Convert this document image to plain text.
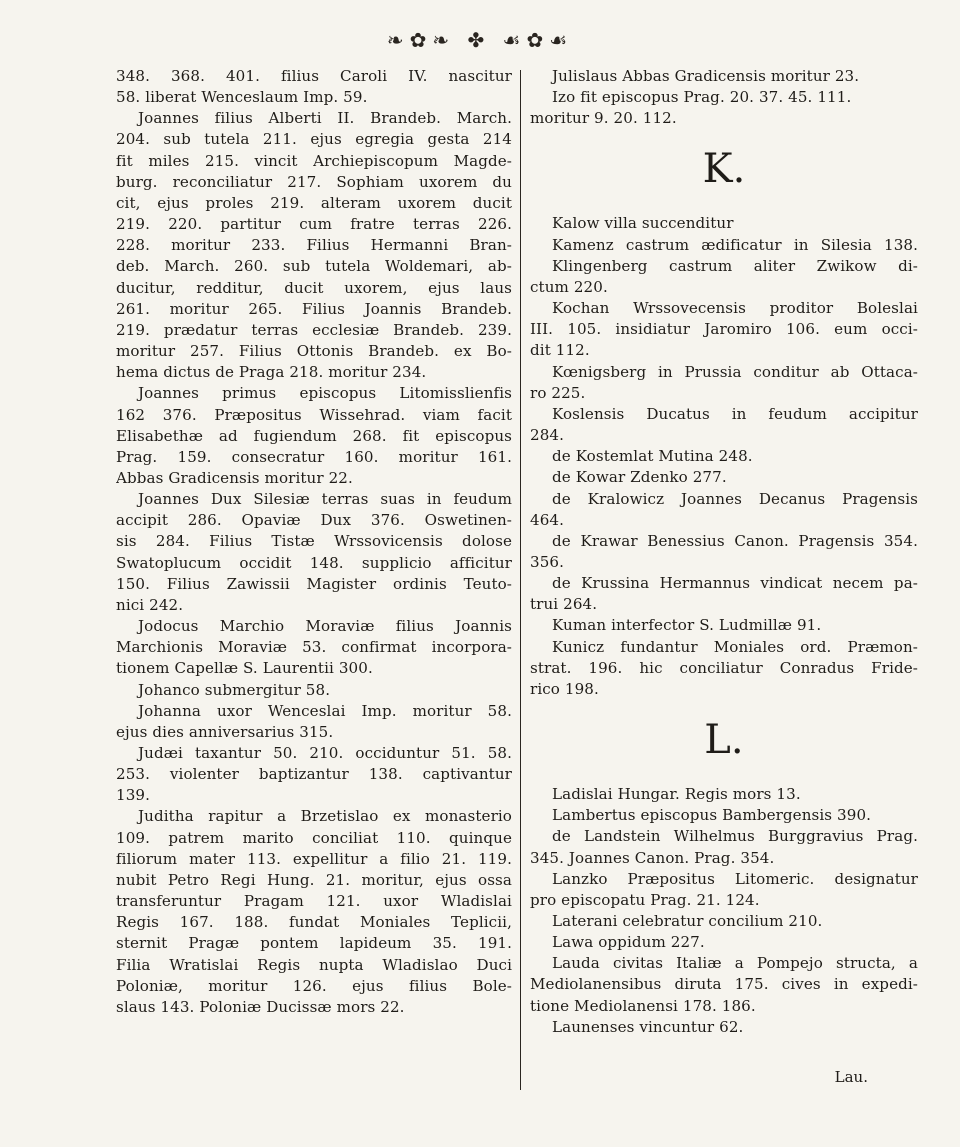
❧✿❧ ✤ ☙✿☙
348. 368. 401. filius Caroli IV. nascitur
58. liberat Wenceslaum Imp. 59.
Joannes filius Alberti II. Brandeb. March.
204. sub tutela 211. ejus egregia gesta 214
fit miles 215. vincit Archiepiscopum Magde-
burg. reconciliatur 217. Sophiam uxorem du
cit, ejus proles 219. alteram uxorem ducit
219. 220. partitur cum fratre terras 226.
228. moritur 233. Filius Hermanni Bran-
deb. March. 260. sub tutela Woldemari, ab-
ducitur, redditur, ducit uxorem, ejus laus
261. moritur 265. Filius Joannis Brandeb.
219. prædatur terras ecclesiæ Brandeb. 239.
moritur 257. Filius Ottonis Brandeb. ex Bo-
hema dictus de Praga 218. moritur 234.
Joannes primus episcopus Litomisslienfis
162 376. Præpositus Wissehrad. viam facit
Elisabethæ ad fugiendum 268. fit episcopus
Prag. 159. consecratur 160. moritur 161.
Abbas Gradicensis moritur 22.
Joannes Dux Silesiæ terras suas in feudum
accipit 286. Opaviæ Dux 376. Oswetinen-
sis 284. Filius Tistæ Wrssovicensis dolose
Swatoplucum occidit 148. supplicio afficitur
150. Filius Zawissii Magister ordinis Teuto-
nici 242.
Jodocus Marchio Moraviæ filius Joannis
Marchionis Moraviæ 53. confirmat incorpora-
tionem Capellæ S. Laurentii 300.
Johanco submergitur 58.
Johanna uxor Wenceslai Imp. moritur 58.
ejus dies anniversarius 315.
Judæi taxantur 50. 210. occiduntur 51. 58.
253. violenter baptizantur 138. captivantur
139.
Juditha rapitur a Brzetislao ex monasterio
109. patrem marito conciliat 110. quinque
filiorum mater 113. expellitur a filio 21. 119.
nubit Petro Regi Hung. 21. moritur, ejus ossa
transferuntur Pragam 121. uxor Wladislai
Regis 167. 188. fundat Moniales Teplicii,
sternit Pragæ pontem lapideum 35. 191.
Filia Wratislai Regis nupta Wladislao Duci
Poloniæ, moritur 126. ejus filius Bole-
slaus 143. Poloniæ Ducissæ mors 22.
Julislaus Abbas Gradicensis moritur 23.
Izo fit episcopus Prag. 20. 37. 45. 111.
moritur 9. 20. 112.
K.
Kalow villa succenditur
Kamenz castrum ædificatur in Silesia 138.
Klingenberg castrum aliter Zwikow di-
ctum 220.
Kochan Wrssovecensis proditor Boleslai
III. 105. insidiatur Jaromiro 106. eum occi-
dit 112.
Kœnigsberg in Prussia conditur ab Ottaca-
ro 225.
Koslensis Ducatus in feudum accipitur
284.
de Kostemlat Mutina 248.
de Kowar Zdenko 277.
de Kralowicz Joannes Decanus Pragensis
464.
de Krawar Benessius Canon. Pragensis 354.
356.
de Krussina Hermannus vindicat necem pa-
trui 264.
Kuman interfector S. Ludmillæ 91.
Kunicz fundantur Moniales ord. Præmon-
strat. 196. hic conciliatur Conradus Fride-
rico 198.
L.
Ladislai Hungar. Regis mors 13.
Lambertus episcopus Bambergensis 390.
de Landstein Wilhelmus Burggravius Prag.
345. Joannes Canon. Prag. 354.
Lanzko Præpositus Litomeric. designatur
pro episcopatu Prag. 21. 124.
Laterani celebratur concilium 210.
Lawa oppidum 227.
Lauda civitas Italiæ a Pompejo structa, a
Mediolanensibus diruta 175. cives in expedi-
tione Mediolanensi 178. 186.
Launenses vincuntur 62.
Lau.
